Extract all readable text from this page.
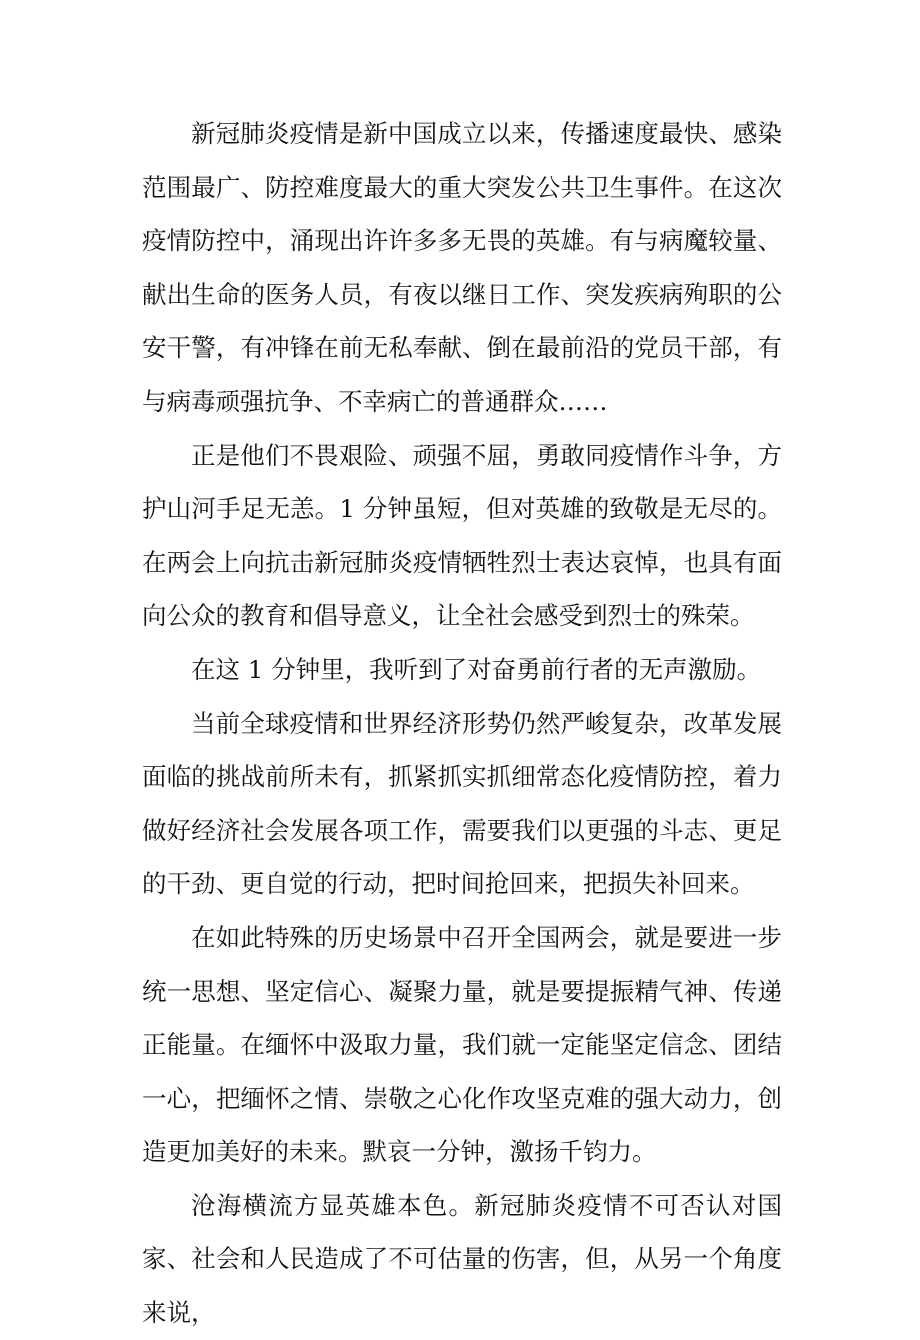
新冠肺炎疫情是新中国成立以来，传播速度最快、感染范围最广、防控难度最大的重大突发公共卫生事件。在这次疫情防控中，涌现出许许多多无畏的英雄。有与病魔较量、献出生命的医务人员，有夜以继日工作、突发疾病殉职的公安干警，有冲锋在前无私奉献、倒在最前沿的党员干部，有与病毒顽强抗争、不幸病亡的普通群众……

正是他们不畏艰险、顽强不屈，勇敢同疫情作斗争，方护山河手足无恙。1 分钟虽短，但对英雄的致敬是无尽的。在两会上向抗击新冠肺炎疫情牺牲烈士表达哀悼，也具有面向公众的教育和倡导意义，让全社会感受到烈士的殊荣。

在这 1 分钟里，我听到了对奋勇前行者的无声激励。

当前全球疫情和世界经济形势仍然严峻复杂，改革发展面临的挑战前所未有，抓紧抓实抓细常态化疫情防控，着力做好经济社会发展各项工作，需要我们以更强的斗志、更足的干劲、更自觉的行动，把时间抢回来，把损失补回来。

在如此特殊的历史场景中召开全国两会，就是要进一步统一思想、坚定信心、凝聚力量，就是要提振精气神、传递正能量。在缅怀中汲取力量，我们就一定能坚定信念、团结一心，把缅怀之情、崇敬之心化作攻坚克难的强大动力，创造更加美好的未来。默哀一分钟，激扬千钧力。

沧海横流方显英雄本色。新冠肺炎疫情不可否认对国家、社会和人民造成了不可估量的伤害，但，从另一个角度来说，
